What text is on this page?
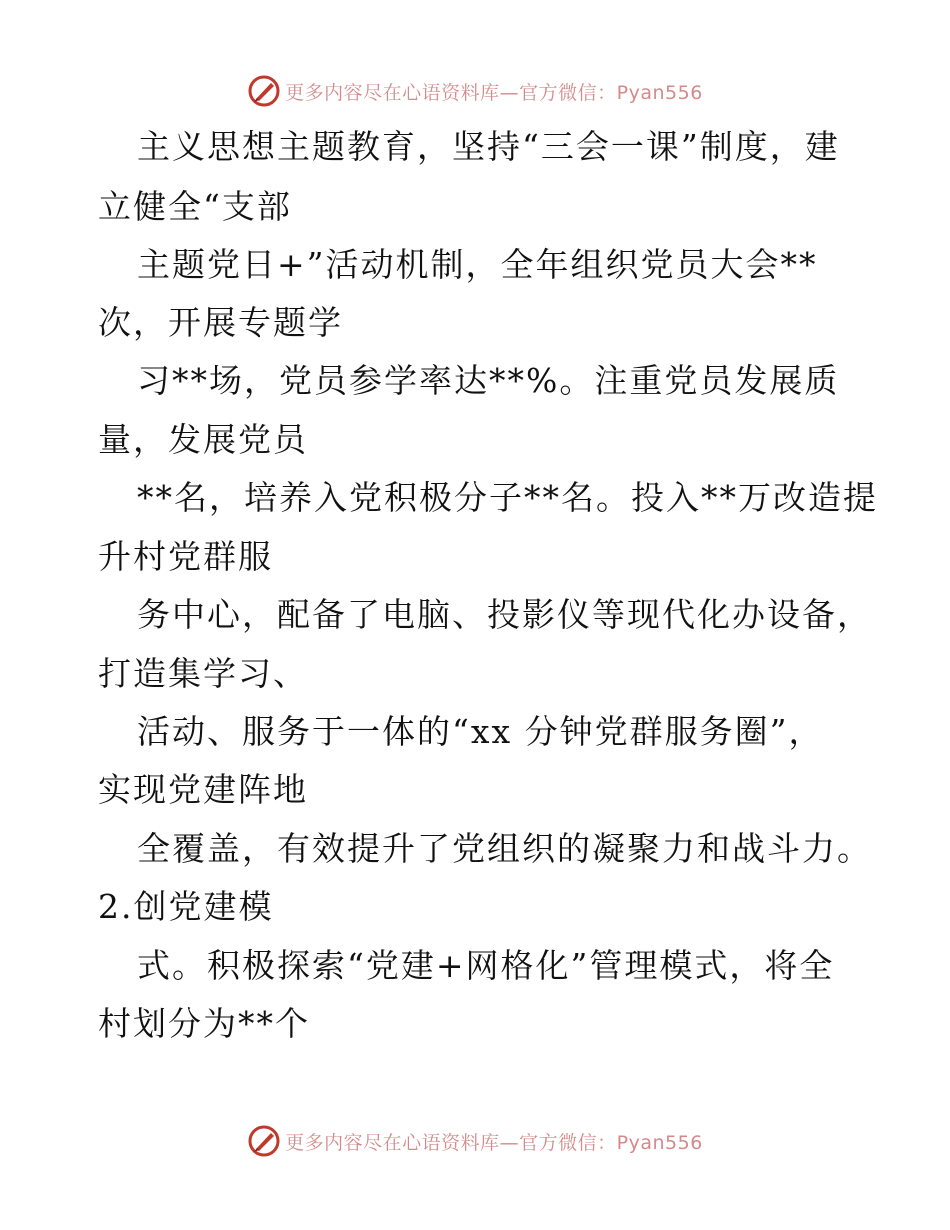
更多内容尽在心语资料库—官方微信：Pyan556
主义思想主题教育，坚持“三会一课”制度，建
立健全“支部
主题党日+”活动机制，全年组织党员大会**
次，开展专题学
习**场，党员参学率达**%。注重党员发展质
量，发展党员
**名，培养入党积极分子**名。投入**万改造提
升村党群服
务中心，配备了电脑、投影仪等现代化办设备，
打造集学习、
活动、服务于一体的“xx 分钟党群服务圈”，
实现党建阵地
全覆盖，有效提升了党组织的凝聚力和战斗力。
2.创党建模
式。积极探索“党建+网格化”管理模式，将全
村划分为**个
更多内容尽在心语资料库—官方微信：Pyan556
